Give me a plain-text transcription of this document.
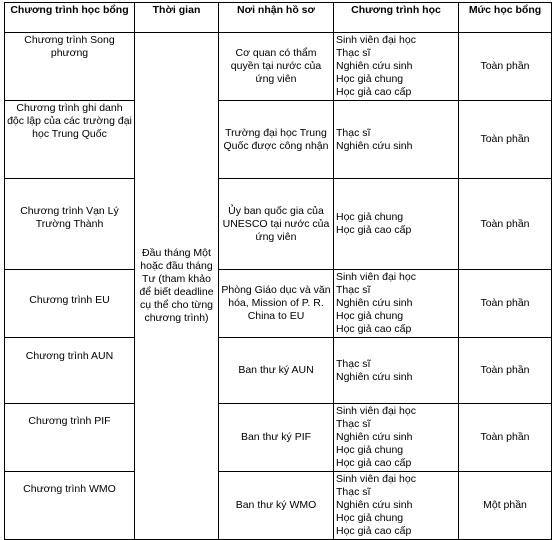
Chương trình học bổng	Thời gian	Nơi nhận hồ sơ	Chương trình học	Mức học bổng
Chương trình Song phương	Đầu tháng Một hoặc đầu tháng Tư (tham khảo để biết deadline cụ thể cho từng chương trình)	Cơ quan có thẩm quyền tại nước của ứng viên	Sinh viên đại học
Thạc sĩ
Nghiên cứu sinh
Học giả chung
Học giả cao cấp	Toàn phần
Chương trình ghi danh độc lập của các trường đại học Trung Quốc		Trường đại học Trung Quốc được công nhận	Thạc sĩ
Nghiên cứu sinh	Toàn phần
Chương trình Vạn Lý Trường Thành		Ủy ban quốc gia của UNESCO tại nước của ứng viên	Học giả chung
Học giả cao cấp	Toàn phần
Chương trình EU		Phòng Giáo dục và văn hóa, Mission of P. R. China to EU	Sinh viên đại học
Thạc sĩ
Nghiên cứu sinh
Học giả chung
Học giả cao cấp	Toàn phần
Chương trình AUN		Ban thư ký AUN	Thạc sĩ
Nghiên cứu sinh	Toàn phần
Chương trình PIF		Ban thư ký PIF	Sinh viên đại học
Thạc sĩ
Nghiên cứu sinh
Học giả chung
Học giả cao cấp	Toàn phần
Chương trình WMO		Ban thư ký WMO	Sinh viên đại học
Thạc sĩ
Nghiên cứu sinh
Học giả chung
Học giả cao cấp	Một phần
